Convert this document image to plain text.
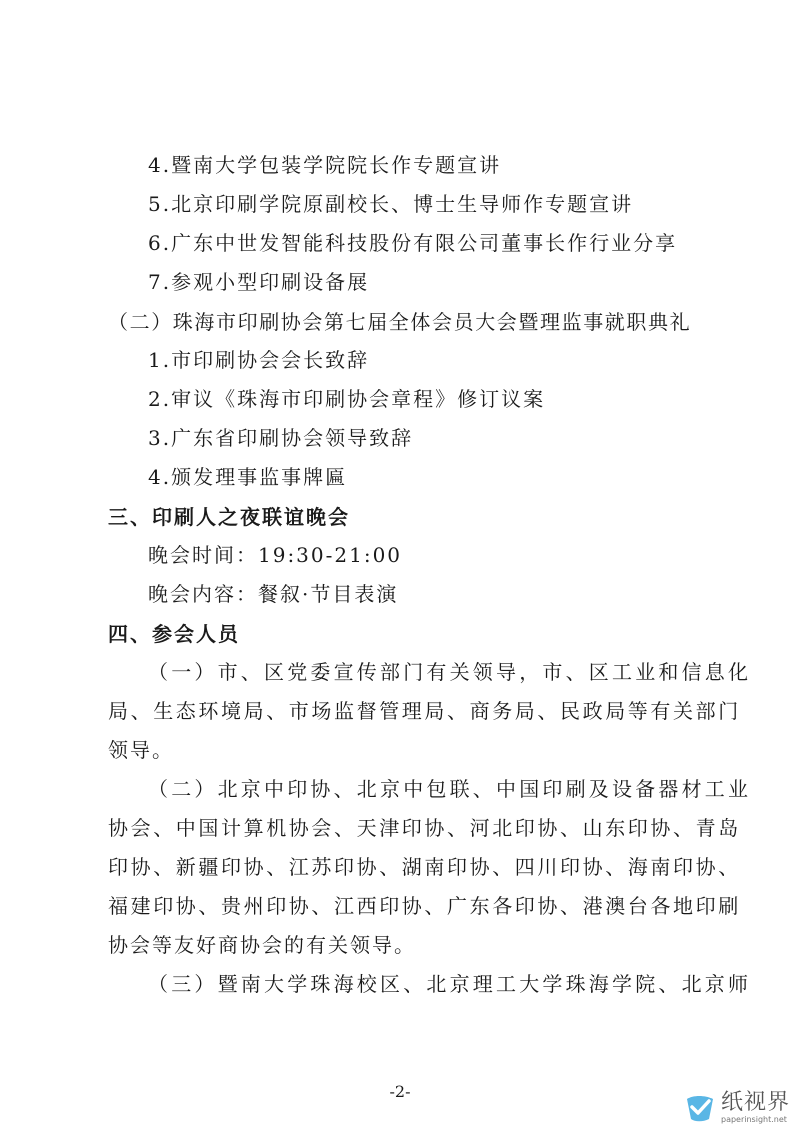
4.暨南大学包装学院院长作专题宣讲
5.北京印刷学院原副校长、博士生导师作专题宣讲
6.广东中世发智能科技股份有限公司董事长作行业分享
7.参观小型印刷设备展
（二）珠海市印刷协会第七届全体会员大会暨理监事就职典礼
1.市印刷协会会长致辞
2.审议《珠海市印刷协会章程》修订议案
3.广东省印刷协会领导致辞
4.颁发理事监事牌匾
三、印刷人之夜联谊晚会
晚会时间：19:30-21:00
晚会内容：餐叙·节目表演
四、参会人员
（一）市、区党委宣传部门有关领导，市、区工业和信息化
局、生态环境局、市场监督管理局、商务局、民政局等有关部门
领导。
（二）北京中印协、北京中包联、中国印刷及设备器材工业
协会、中国计算机协会、天津印协、河北印协、山东印协、青岛
印协、新疆印协、江苏印协、湖南印协、四川印协、海南印协、
福建印协、贵州印协、江西印协、广东各印协、港澳台各地印刷
协会等友好商协会的有关领导。
（三）暨南大学珠海校区、北京理工大学珠海学院、北京师
-2-	纸视界
paperinsight.net
